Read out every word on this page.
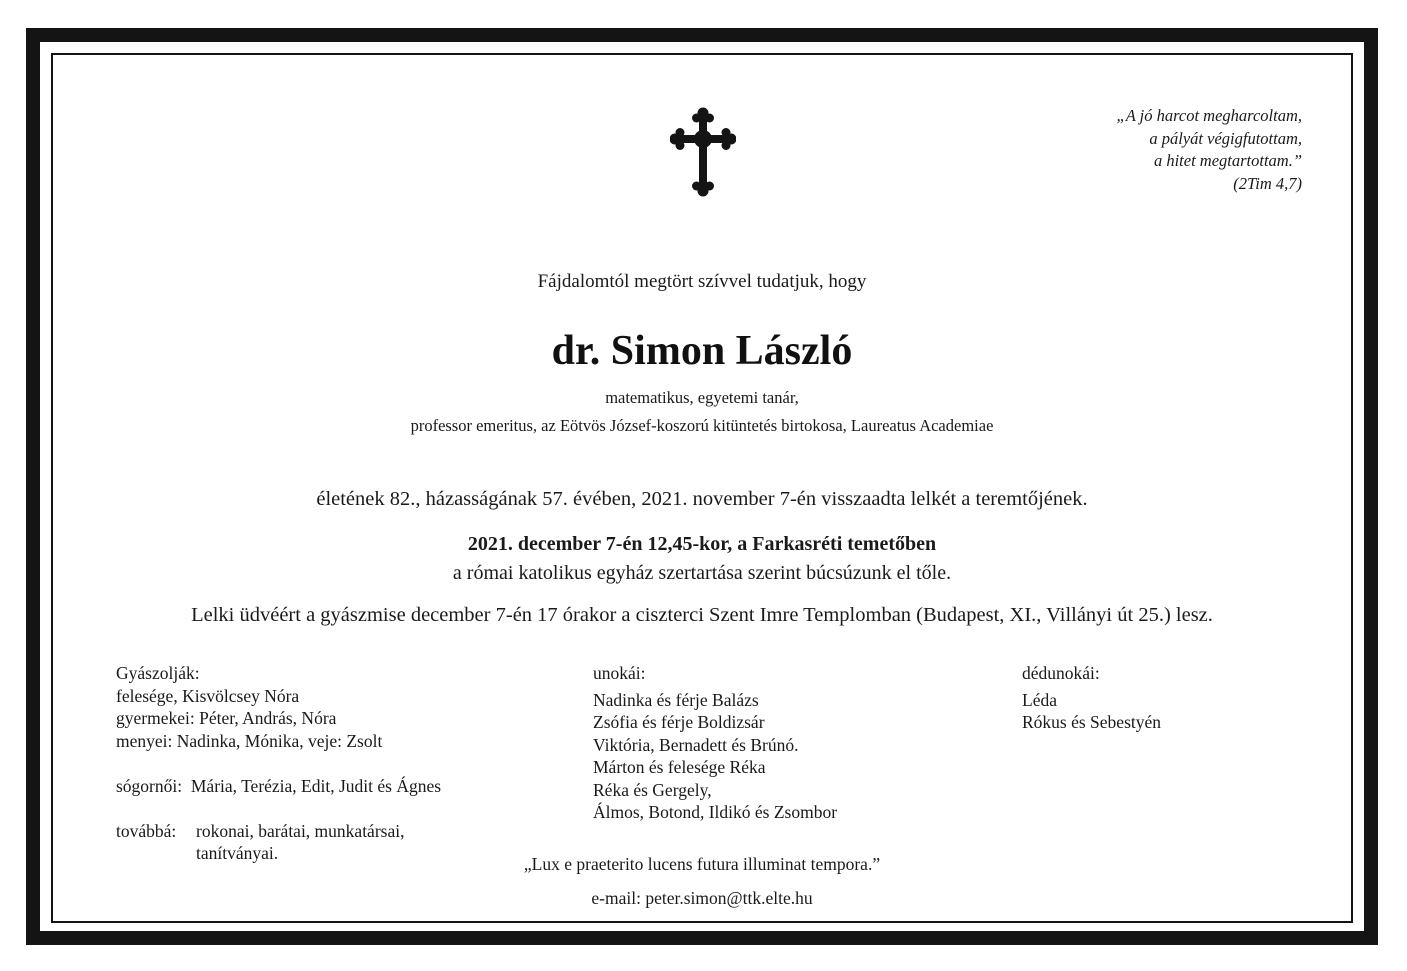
„A jó harcot megharcoltam,
a pályát végigfutottam,
a hitet megtartottam.”
(2Tim 4,7)
Fájdalomtól megtört szívvel tudatjuk, hogy
dr. Simon László
matematikus, egyetemi tanár,
professor emeritus, az Eötvös József-koszorú kitüntetés birtokosa, Laureatus Academiae
életének 82., házasságának 57. évében, 2021. november 7-én visszaadta lelkét a teremtőjének.
2021. december 7-én 12,45-kor, a Farkasréti temetőben
a római katolikus egyház szertartása szerint búcsúzunk el tőle.
Lelki üdvéért a gyászmise december 7-én 17 órakor a ciszterci Szent Imre Templomban (Budapest, XI., Villányi út 25.) lesz.
Gyászolják:
felesége, Kisvölcsey Nóra
gyermekei: Péter, András, Nóra
menyei: Nadinka, Mónika, veje: Zsolt
sógornői:  Mária, Terézia, Edit, Judit és Ágnes
továbbá:	rokonai, barátai, munkatársai,
tanítványai.
unokái:
Nadinka és férje Balázs
Zsófia és férje Boldizsár
Viktória, Bernadett és Brúnó.
Márton és felesége Réka
Réka és Gergely,
Álmos, Botond, Ildikó és Zsombor
dédunokái:
Léda
Rókus és Sebestyén
„Lux e praeterito lucens futura illuminat tempora.”
e-mail: peter.simon@ttk.elte.hu
